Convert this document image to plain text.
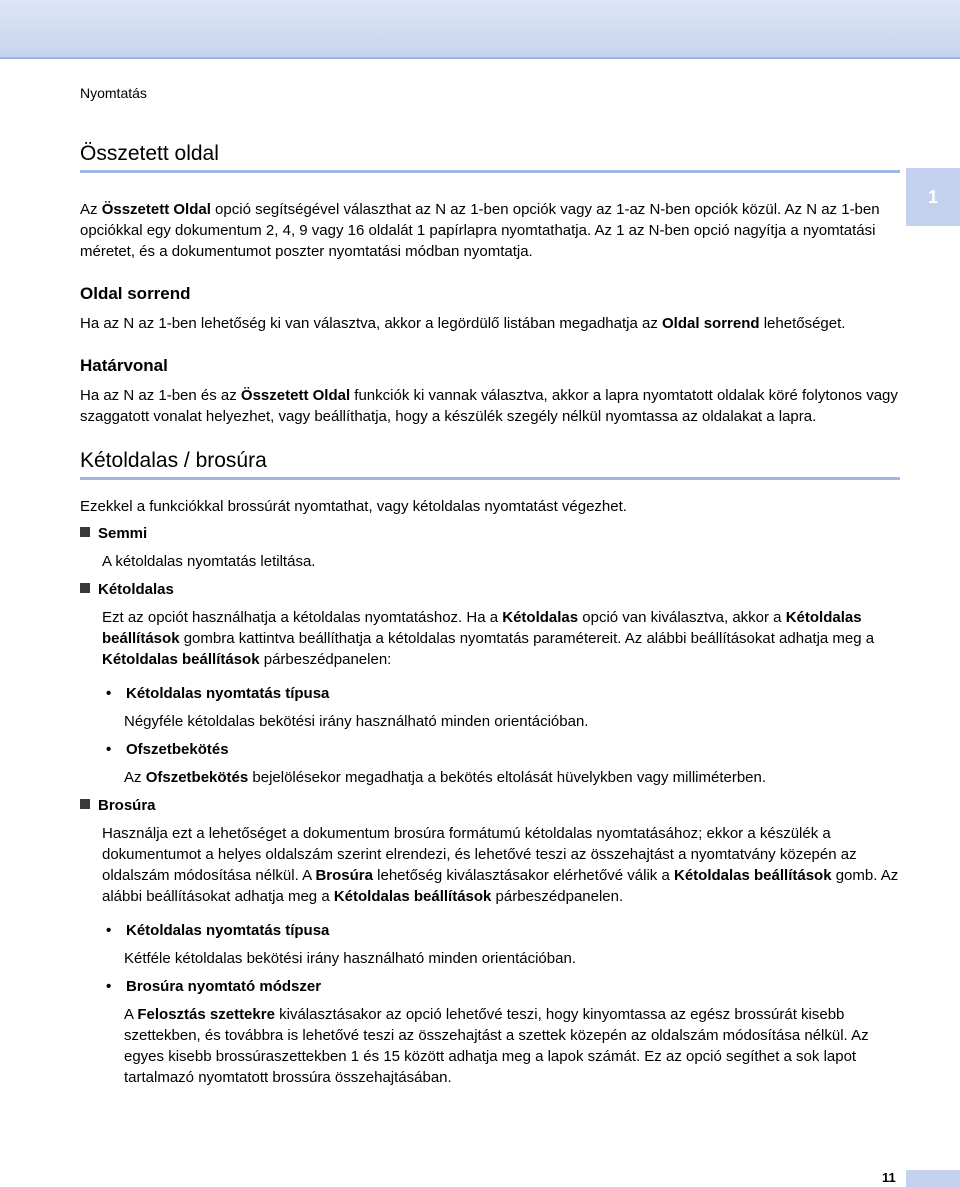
Nyomtatás
1
Összetett oldal

Az Összetett Oldal opció segítségével választhat az N az 1-ben opciók vagy az 1-az N-ben opciók közül. Az N az 1-ben opciókkal egy dokumentum 2, 4, 9 vagy 16 oldalát 1 papírlapra nyomtathatja. Az 1 az N-ben opció nagyítja a nyomtatási méretet, és a dokumentumot poszter nyomtatási módban nyomtatja.

Oldal sorrend

Ha az N az 1-ben lehetőség ki van választva, akkor a legördülő listában megadhatja az Oldal sorrend lehetőséget.

Határvonal

Ha az N az 1-ben és az Összetett Oldal funkciók ki vannak választva, akkor a lapra nyomtatott oldalak köré folytonos vagy szaggatott vonalat helyezhet, vagy beállíthatja, hogy a készülék szegély nélkül nyomtassa az oldalakat a lapra.

Kétoldalas / brosúra

Ezekkel a funkciókkal brossúrát nyomtathat, vagy kétoldalas nyomtatást végezhet.

Semmi

A kétoldalas nyomtatás letiltása.

Kétoldalas

Ezt az opciót használhatja a kétoldalas nyomtatáshoz. Ha a Kétoldalas opció van kiválasztva, akkor a Kétoldalas beállítások gombra kattintva beállíthatja a kétoldalas nyomtatás paramétereit. Az alábbi beállításokat adhatja meg a Kétoldalas beállítások párbeszédpanelen:

• Kétoldalas nyomtatás típusa

Négyféle kétoldalas bekötési irány használható minden orientációban.

• Ofszetbekötés

Az Ofszetbekötés bejelölésekor megadhatja a bekötés eltolását hüvelykben vagy milliméterben.

Brosúra

Használja ezt a lehetőséget a dokumentum brosúra formátumú kétoldalas nyomtatásához; ekkor a készülék a dokumentumot a helyes oldalszám szerint elrendezi, és lehetővé teszi az összehajtást a nyomtatvány közepén az oldalszám módosítása nélkül. A Brosúra lehetőség kiválasztásakor elérhetővé válik a Kétoldalas beállítások gomb. Az alábbi beállításokat adhatja meg a Kétoldalas beállítások párbeszédpanelen.

• Kétoldalas nyomtatás típusa

Kétféle kétoldalas bekötési irány használható minden orientációban.

• Brosúra nyomtató módszer

A Felosztás szettekre kiválasztásakor az opció lehetővé teszi, hogy kinyomtassa az egész brossúrát kisebb szettekben, és továbbra is lehetővé teszi az összehajtást a szettek közepén az oldalszám módosítása nélkül. Az egyes kisebb brossúraszettekben 1 és 15 között adhatja meg a lapok számát. Ez az opció segíthet a sok lapot tartalmazó nyomtatott brossúra összehajtásában.

11
